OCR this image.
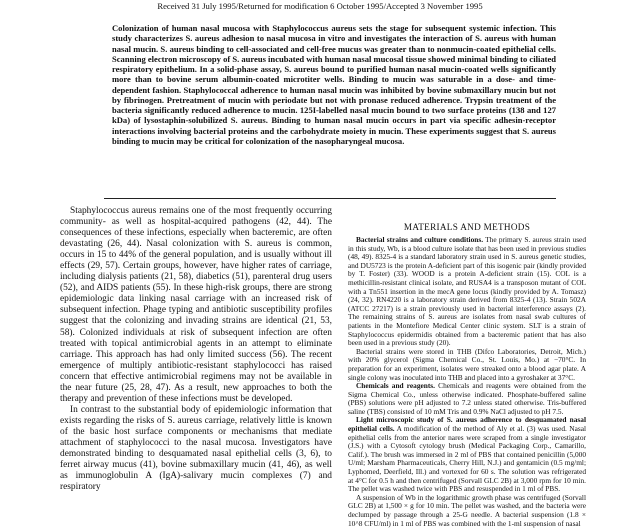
Received 31 July 1995/Returned for modification 6 October 1995/Accepted 3 November 1995
Colonization of human nasal mucosa with Staphylococcus aureus sets the stage for subsequent systemic infection. This study characterizes S. aureus adhesion to nasal mucosa in vitro and investigates the interaction of S. aureus with human nasal mucin. S. aureus binding to cell-associated and cell-free mucus was greater than to nonmucin-coated epithelial cells. Scanning electron microscopy of S. aureus incubated with human nasal mucosal tissue showed minimal binding to ciliated respiratory epithelium. In a solid-phase assay, S. aureus bound to purified human nasal mucin-coated wells significantly more than to bovine serum albumin-coated microtiter wells. Binding to mucin was saturable in a dose- and time-dependent fashion. Staphylococcal adherence to human nasal mucin was inhibited by bovine submaxillary mucin but not by fibrinogen. Pretreatment of mucin with periodate but not with pronase reduced adherence. Trypsin treatment of the bacteria significantly reduced adherence to mucin. 125I-labelled nasal mucin bound to two surface proteins (138 and 127 kDa) of lysostaphin-solubilized S. aureus. Binding to human nasal mucin occurs in part via specific adhesin-receptor interactions involving bacterial proteins and the carbohydrate moiety in mucin. These experiments suggest that S. aureus binding to mucin may be critical for colonization of the nasopharyngeal mucosa.

Staphylococcus aureus remains one of the most frequently occurring community- as well as hospital-acquired pathogens (42, 44). The consequences of these infections, especially when bacteremic, are often devastating (26, 44). Nasal colonization with S. aureus is common, occurs in 15 to 44% of the general population, and is usually without ill effects (29, 57). Certain groups, however, have higher rates of carriage, including dialysis patients (21, 58), diabetics (51), parenteral drug users (52), and AIDS patients (55). In these high-risk groups, there are strong epidemiologic data linking nasal carriage with an increased risk of subsequent infection. Phage typing and antibiotic susceptibility profiles suggest that the colonizing and invading strains are identical (21, 53, 58). Colonized individuals at risk of subsequent infection are often treated with topical antimicrobial agents in an attempt to eliminate carriage. This approach has had only limited success (56). The recent emergence of multiply antibiotic-resistant staphylococci has raised concern that effective antimicrobial regimens may not be available in the near future (25, 28, 47). As a result, new approaches to both the therapy and prevention of these infections must be developed.

In contrast to the substantial body of epidemiologic information that exists regarding the risks of S. aureus carriage, relatively little is known of the basic host surface components or mechanisms that mediate attachment of staphylococci to the nasal mucosa. Investigators have demonstrated binding to desquamated nasal epithelial cells (3, 6), to ferret airway mucus (41), bovine submaxillary mucin (41, 46), as well as immunoglobulin A (IgA)-salivary mucin complexes (7) and respiratory

MATERIALS AND METHODS

Bacterial strains and culture conditions. The primary S. aureus strain used in this study, Wb, is a blood culture isolate that has been used in previous studies (48, 49). 8325-4 is a standard laboratory strain used in S. aureus genetic studies, and DU5723 is the protein A-deficient part of this isogenic pair (kindly provided by T. Foster) (33). WOOD is a protein A-deficient strain (15). COL is a methicillin-resistant clinical isolate, and RUSA4 is a transposon mutant of COL with a Tn551 insertion in the mecA gene locus (kindly provided by A. Tomasz) (24, 32). RN4220 is a laboratory strain derived from 8325-4 (13). Strain 502A (ATCC 27217) is a strain previously used in bacterial interference assays (2). The remaining strains of S. aureus are isolates from nasal swab cultures of patients in the Montefiore Medical Center clinic system. SLT is a strain of Staphylococcus epidermidis obtained from a bacteremic patient that has also been used in a previous study (20).

Bacterial strains were stored in THB (Difco Laboratories, Detroit, Mich.) with 20% glycerol (Sigma Chemical Co., St. Louis, Mo.) at −70°C. In preparation for an experiment, isolates were streaked onto a blood agar plate. A single colony was inoculated into THB and placed into a gyroshaker at 37°C.

Chemicals and reagents. Chemicals and reagents were obtained from the Sigma Chemical Co., unless otherwise indicated. Phosphate-buffered saline (PBS) solutions were pH adjusted to 7.2 unless stated otherwise. Tris-buffered saline (TBS) consisted of 10 mM Tris and 0.9% NaCl adjusted to pH 7.5.

Light microscopic study of S. aureus adherence to desquamated nasal epithelial cells. A modification of the method of Aly et al. (3) was used. Nasal epithelial cells from the anterior nares were scraped from a single investigator (J.S.) with a Cytosoft cytology brush (Medical Packaging Corp., Camarillo, Calif.). The brush was immersed in 2 ml of PBS that contained penicillin (5,000 U/ml; Marsham Pharmaceuticals, Cherry Hill, N.J.) and gentamicin (0.5 mg/ml; Lyphomed, Deerfield, Ill.) and vortexed for 60 s. The solution was refrigerated at 4°C for 0.5 h and then centrifuged (Sorvall GLC 2B) at 3,000 rpm for 10 min. The pellet was washed twice with PBS and resuspended in 1 ml of PBS.

A suspension of Wb in the logarithmic growth phase was centrifuged (Sorvall GLC 2B) at 1,500 × g for 10 min. The pellet was washed, and the bacteria were declumped by passage through a 25-G needle. A bacterial suspension (1.8 × 10^8 CFU/ml) in 1 ml of PBS was combined with the 1-ml suspension of nasal
